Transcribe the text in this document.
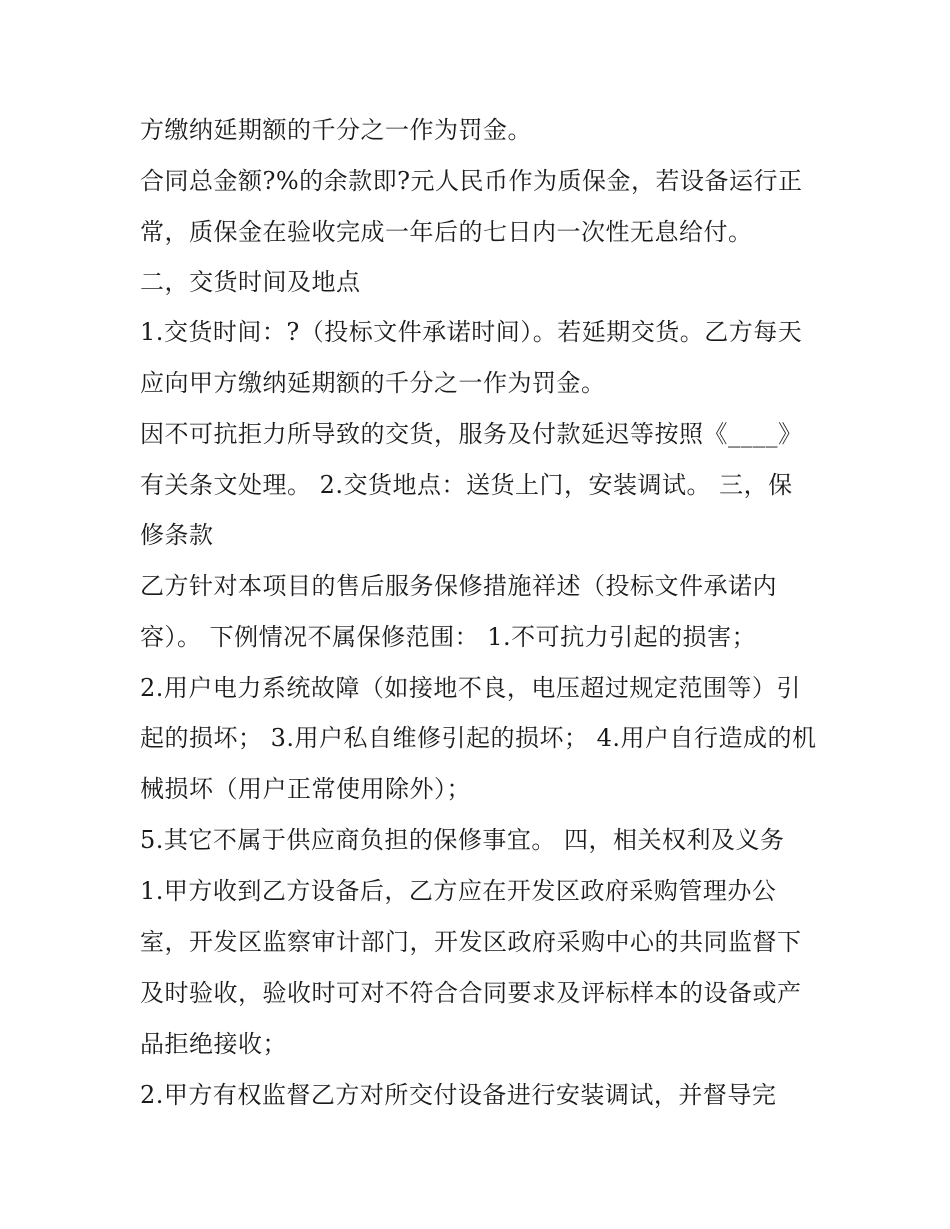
方缴纳延期额的千分之一作为罚金。
合同总金额?%的余款即?元人民币作为质保金，若设备运行正
常，质保金在验收完成一年后的七日内一次性无息给付。
二，交货时间及地点
1.交货时间：?（投标文件承诺时间）。若延期交货。乙方每天
应向甲方缴纳延期额的千分之一作为罚金。
因不可抗拒力所导致的交货，服务及付款延迟等按照《____》
有关条文处理。 2.交货地点：送货上门，安装调试。 三，保
修条款
乙方针对本项目的售后服务保修措施祥述（投标文件承诺内
容）。 下例情况不属保修范围： 1.不可抗力引起的损害；
2.用户电力系统故障（如接地不良，电压超过规定范围等）引
起的损坏； 3.用户私自维修引起的损坏； 4.用户自行造成的机
械损坏（用户正常使用除外）；
5.其它不属于供应商负担的保修事宜。 四，相关权利及义务
1.甲方收到乙方设备后，乙方应在开发区政府采购管理办公
室，开发区监察审计部门，开发区政府采购中心的共同监督下
及时验收，验收时可对不符合合同要求及评标样本的设备或产
品拒绝接收；
2.甲方有权监督乙方对所交付设备进行安装调试，并督导完
